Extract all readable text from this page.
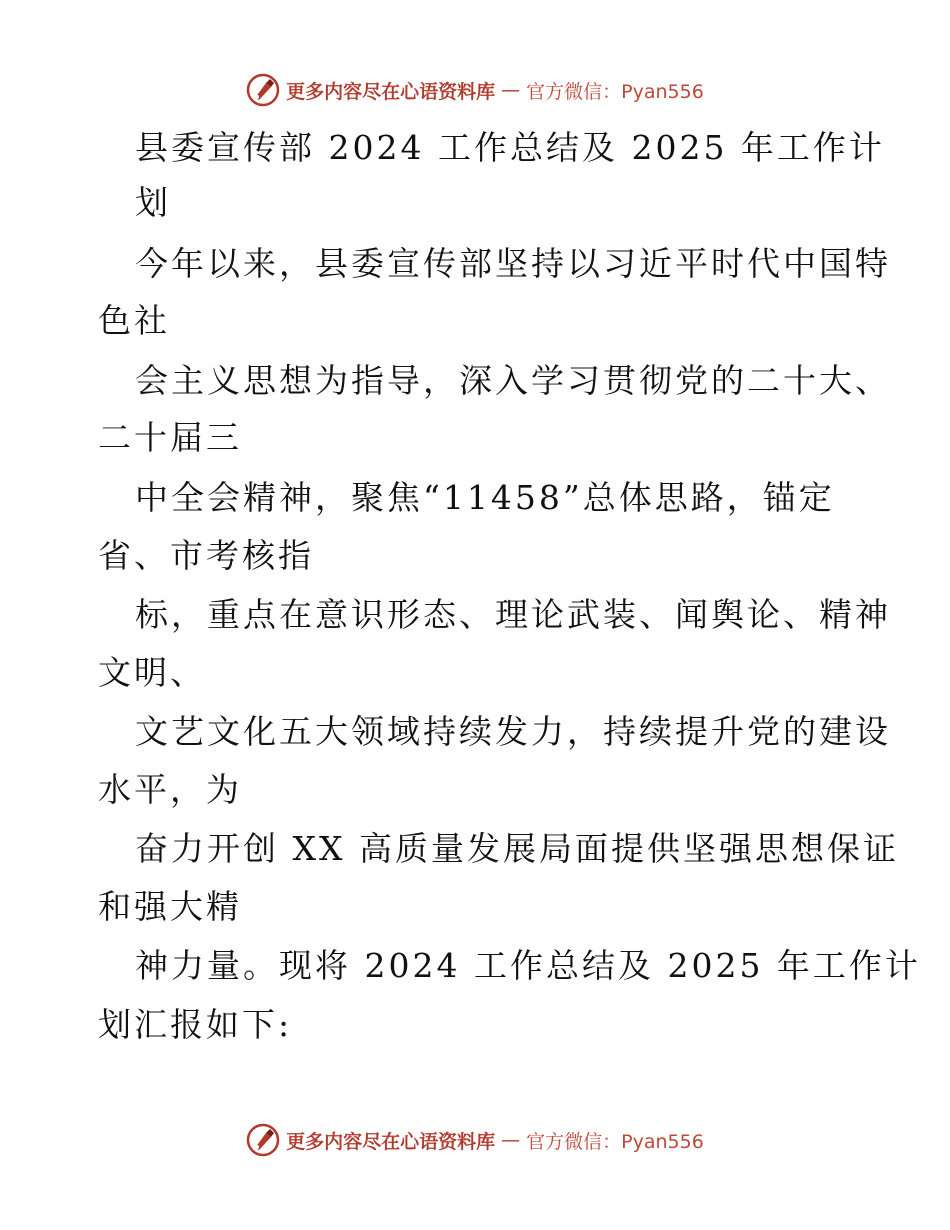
更多内容尽在心语资料库 — 官方微信：Pyan556
县委宣传部 2024 工作总结及 2025 年工作计
划
今年以来，县委宣传部坚持以习近平时代中国特
色社
会主义思想为指导，深入学习贯彻党的二十大、
二十届三
中全会精神，聚焦“11458”总体思路，锚定
省、市考核指
标，重点在意识形态、理论武装、闻舆论、精神
文明、
文艺文化五大领域持续发力，持续提升党的建设
水平，为
奋力开创 XX 高质量发展局面提供坚强思想保证
和强大精
神力量。现将 2024 工作总结及 2025 年工作计
划汇报如下:
更多内容尽在心语资料库 — 官方微信：Pyan556
